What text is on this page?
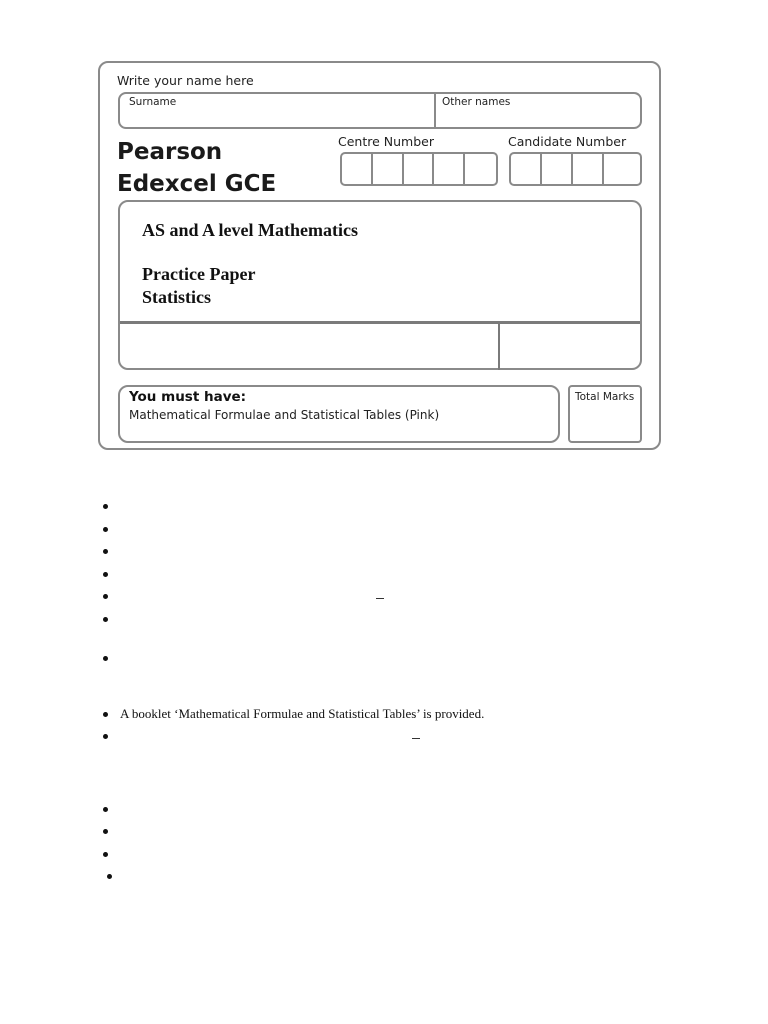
Write your name here
Surname	Other names
Pearson
Edexcel GCE
Centre Number	Candidate Number
AS and A level Mathematics
Practice Paper
Statistics
You must have:
Mathematical Formulae and Statistical Tables (Pink)
Total Marks
A booklet ‘Mathematical Formulae and Statistical Tables’ is provided.
